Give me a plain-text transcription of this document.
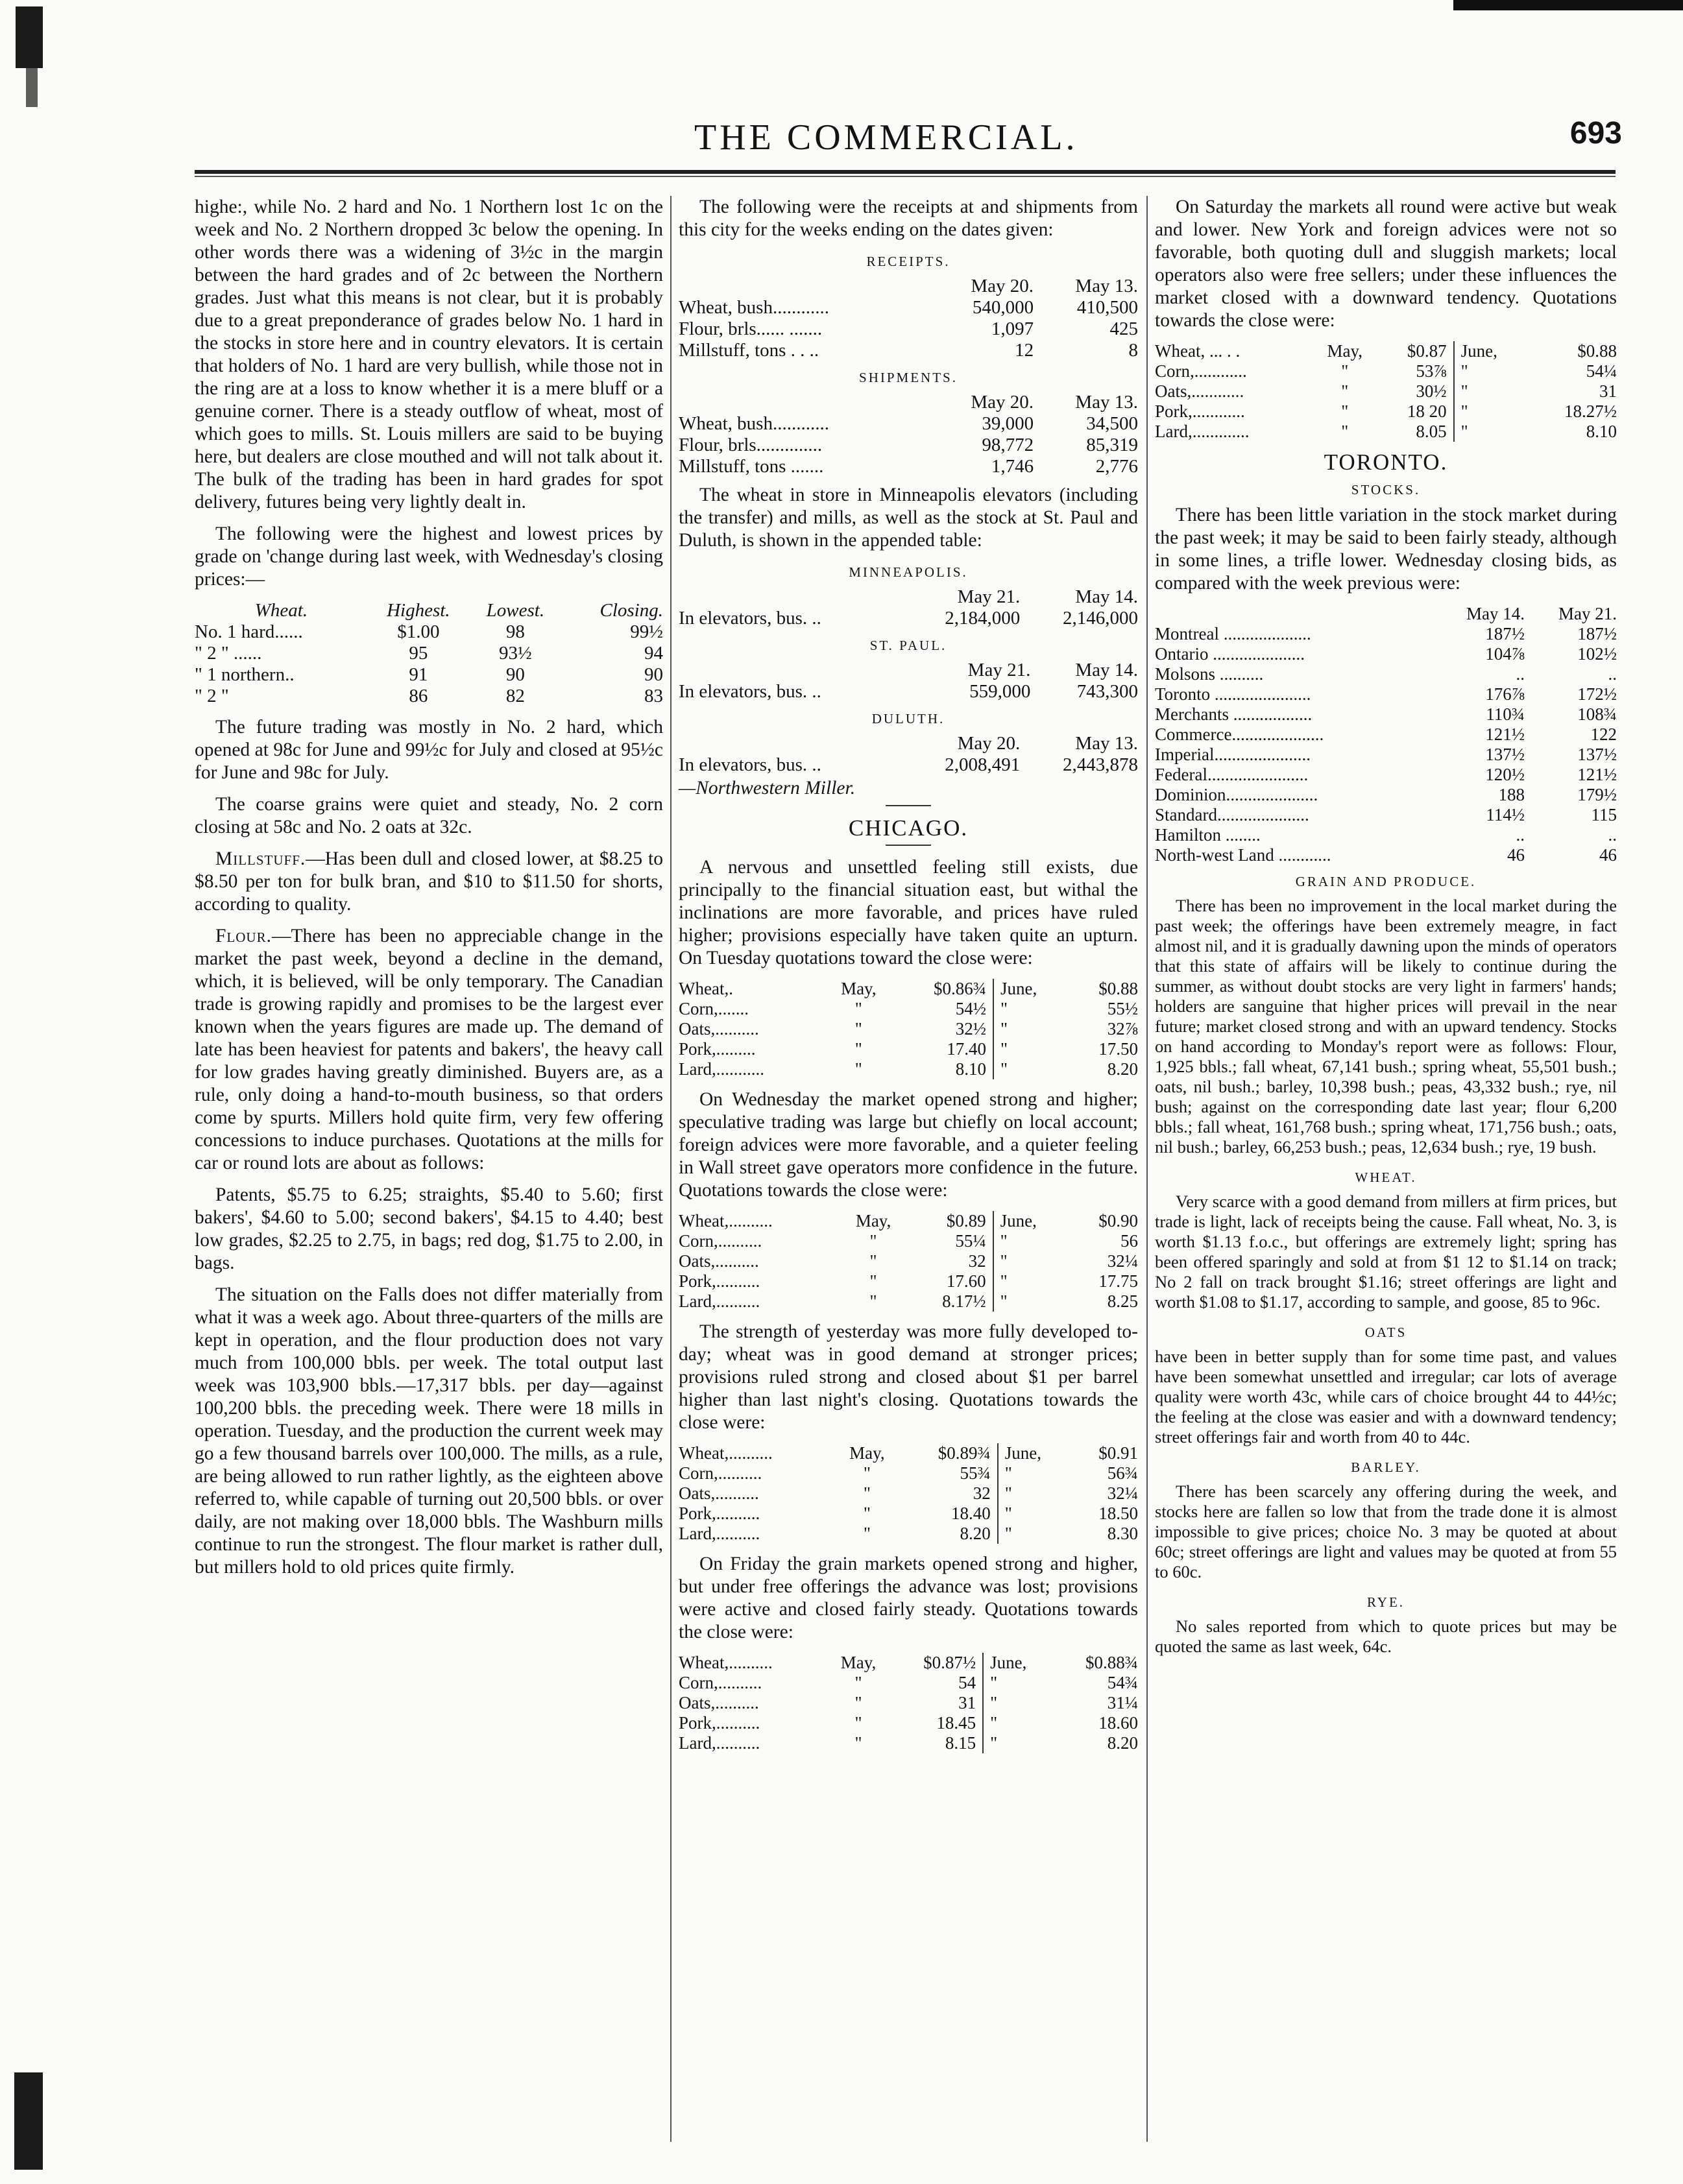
THE COMMERCIAL.	693

highe:, while No. 2 hard and No. 1 Northern lost 1c on the week and No. 2 Northern dropped 3c below the opening. In other words there was a widening of 3½c in the margin between the hard grades and of 2c between the Northern grades. Just what this means is not clear, but it is probably due to a great preponderance of grades below No. 1 hard in the stocks in store here and in country elevators. It is certain that holders of No. 1 hard are very bullish, while those not in the ring are at a loss to know whether it is a mere bluff or a genuine corner. There is a steady outflow of wheat, most of which goes to mills. St. Louis millers are said to be buying here, but dealers are close mouthed and will not talk about it. The bulk of the trading has been in hard grades for spot delivery, futures being very lightly dealt in.

The following were the highest and lowest prices by grade on 'change during last week, with Wednesday's closing prices:—

Wheat.	Highest.	Lowest.	Closing.
No. 1 hard......	$1.00	98	99½
" 2 " ......	95	93½	94
" 1 northern..	91	90	90
" 2 "	86	82	83

The future trading was mostly in No. 2 hard, which opened at 98c for June and 99½c for July and closed at 95½c for June and 98c for July.

The coarse grains were quiet and steady, No. 2 corn closing at 58c and No. 2 oats at 32c.

Millstuff.—Has been dull and closed lower, at $8.25 to $8.50 per ton for bulk bran, and $10 to $11.50 for shorts, according to quality.

Flour.—There has been no appreciable change in the market the past week, beyond a decline in the demand, which, it is believed, will be only temporary. The Canadian trade is growing rapidly and promises to be the largest ever known when the years figures are made up. The demand of late has been heaviest for patents and bakers', the heavy call for low grades having greatly diminished. Buyers are, as a rule, only doing a hand-to-mouth business, so that orders come by spurts. Millers hold quite firm, very few offering concessions to induce purchases. Quotations at the mills for car or round lots are about as follows:

Patents, $5.75 to 6.25; straights, $5.40 to 5.60; first bakers', $4.60 to 5.00; second bakers', $4.15 to 4.40; best low grades, $2.25 to 2.75, in bags; red dog, $1.75 to 2.00, in bags.

The situation on the Falls does not differ materially from what it was a week ago. About three-quarters of the mills are kept in operation, and the flour production does not vary much from 100,000 bbls. per week. The total output last week was 103,900 bbls.—17,317 bbls. per day—against 100,200 bbls. the preceding week. There were 18 mills in operation. Tuesday, and the production the current week may go a few thousand barrels over 100,000. The mills, as a rule, are being allowed to run rather lightly, as the eighteen above referred to, while capable of turning out 20,500 bbls. or over daily, are not making over 18,000 bbls. The Washburn mills continue to run the strongest. The flour market is rather dull, but millers hold to old prices quite firmly.

The following were the receipts at and shipments from this city for the weeks ending on the dates given:

RECEIPTS.
	May 20.	May 13.
Wheat, bush............	540,000	410,500
Flour, brls...... .......	1,097	425
Millstuff, tons . . ..	12	8
SHIPMENTS.
	May 20.	May 13.
Wheat, bush............	39,000	34,500
Flour, brls..............	98,772	85,319
Millstuff, tons .......	1,746	2,776

The wheat in store in Minneapolis elevators (including the transfer) and mills, as well as the stock at St. Paul and Duluth, is shown in the appended table:

MINNEAPOLIS.
	May 21.	May 14.
In elevators, bus. ..	2,184,000	2,146,000
ST. PAUL.
	May 21.	May 14.
In elevators, bus. ..	559,000	743,300
DULUTH.
	May 20.	May 13.
In elevators, bus. ..	2,008,491	2,443,878
—Northwestern Miller.
CHICAGO.

A nervous and unsettled feeling still exists, due principally to the financial situation east, but withal the inclinations are more favorable, and prices have ruled higher; provisions especially have taken quite an upturn. On Tuesday quotations toward the close were:

Wheat,.	May,	$0.86¾	June,	$0.88
Corn,.......	"	54½	"	55½
Oats,..........	"	32½	"	32⅞
Pork,.........	"	17.40	"	17.50
Lard,...........	"	8.10	"	8.20

On Wednesday the market opened strong and higher; speculative trading was large but chiefly on local account; foreign advices were more favorable, and a quieter feeling in Wall street gave operators more confidence in the future. Quotations towards the close were:

Wheat,..........	May,	$0.89	June,	$0.90
Corn,..........	"	55¼	"	56
Oats,..........	"	32	"	32¼
Pork,..........	"	17.60	"	17.75
Lard,..........	"	8.17½	"	8.25

The strength of yesterday was more fully developed to-day; wheat was in good demand at stronger prices; provisions ruled strong and closed about $1 per barrel higher than last night's closing. Quotations towards the close were:

Wheat,..........	May,	$0.89¾	June,	$0.91
Corn,..........	"	55¾	"	56¾
Oats,..........	"	32	"	32¼
Pork,..........	"	18.40	"	18.50
Lard,..........	"	8.20	"	8.30

On Friday the grain markets opened strong and higher, but under free offerings the advance was lost; provisions were active and closed fairly steady. Quotations towards the close were:

Wheat,..........	May,	$0.87½	June,	$0.88¾
Corn,..........	"	54	"	54¾
Oats,..........	"	31	"	31¼
Pork,..........	"	18.45	"	18.60
Lard,..........	"	8.15	"	8.20

On Saturday the markets all round were active but weak and lower. New York and foreign advices were not so favorable, both quoting dull and sluggish markets; local operators also were free sellers; under these influences the market closed with a downward tendency. Quotations towards the close were:

Wheat, ... . .	May,	$0.87	June,	$0.88
Corn,............	"	53⅞	"	54¼
Oats,............	"	30½	"	31
Pork,............	"	18 20	"	18.27½
Lard,.............	"	8.05	"	8.10
TORONTO.
STOCKS.

There has been little variation in the stock market during the past week; it may be said to been fairly steady, although in some lines, a trifle lower. Wednesday closing bids, as compared with the week previous were:

	May 14.	May 21.
Montreal ....................	187½	187½
Ontario .....................	104⅞	102½
Molsons ..........	..	..
Toronto ......................	176⅞	172½
Merchants ..................	110¾	108¾
Commerce.....................	121½	122
Imperial......................	137½	137½
Federal.......................	120½	121½
Dominion.....................	188	179½
Standard.....................	114½	115
Hamilton ........	..	..
North-west Land ............	46	46
GRAIN AND PRODUCE.

There has been no improvement in the local market during the past week; the offerings have been extremely meagre, in fact almost nil, and it is gradually dawning upon the minds of operators that this state of affairs will be likely to continue during the summer, as without doubt stocks are very light in farmers' hands; holders are sanguine that higher prices will prevail in the near future; market closed strong and with an upward tendency. Stocks on hand according to Monday's report were as follows: Flour, 1,925 bbls.; fall wheat, 67,141 bush.; spring wheat, 55,501 bush.; oats, nil bush.; barley, 10,398 bush.; peas, 43,332 bush.; rye, nil bush; against on the corresponding date last year; flour 6,200 bbls.; fall wheat, 161,768 bush.; spring wheat, 171,756 bush.; oats, nil bush.; barley, 66,253 bush.; peas, 12,634 bush.; rye, 19 bush.

WHEAT.

Very scarce with a good demand from millers at firm prices, but trade is light, lack of receipts being the cause. Fall wheat, No. 3, is worth $1.13 f.o.c., but offerings are extremely light; spring has been offered sparingly and sold at from $1 12 to $1.14 on track; No 2 fall on track brought $1.16; street offerings are light and worth $1.08 to $1.17, according to sample, and goose, 85 to 96c.

OATS

have been in better supply than for some time past, and values have been somewhat unsettled and irregular; car lots of average quality were worth 43c, while cars of choice brought 44 to 44½c; the feeling at the close was easier and with a downward tendency; street offerings fair and worth from 40 to 44c.

BARLEY.

There has been scarcely any offering during the week, and stocks here are fallen so low that from the trade done it is almost impossible to give prices; choice No. 3 may be quoted at about 60c; street offerings are light and values may be quoted at from 55 to 60c.

RYE.

No sales reported from which to quote prices but may be quoted the same as last week, 64c.
